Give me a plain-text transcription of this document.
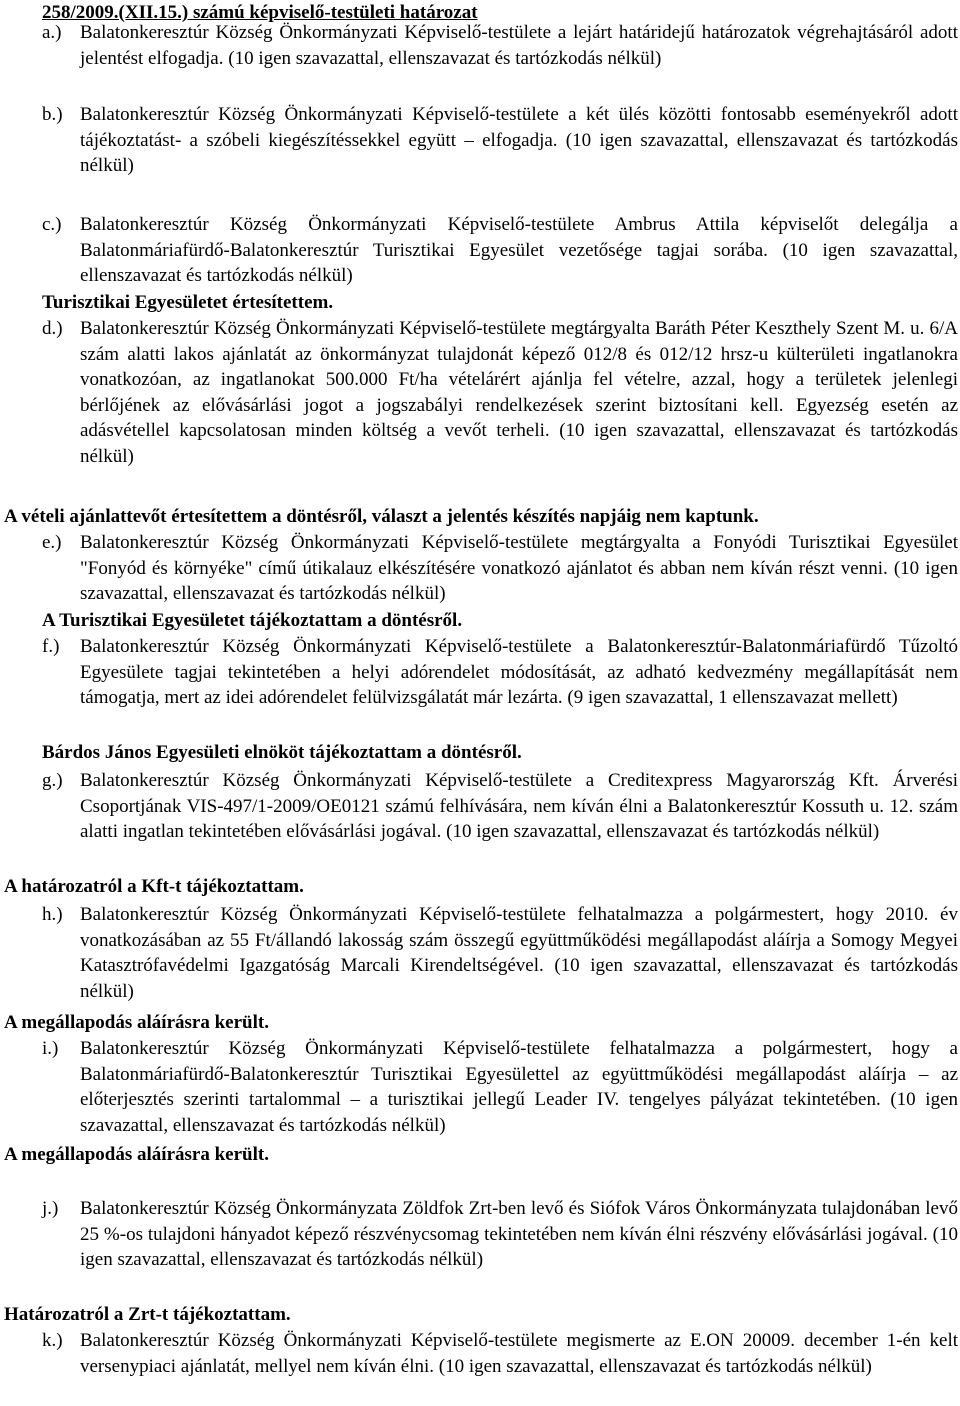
258/2009.(XII.15.) számú képviselő-testületi határozat
a.) Balatonkeresztúr Község Önkormányzati Képviselő-testülete a lejárt határidejű határozatok végrehajtásáról adott jelentést elfogadja. (10 igen szavazattal, ellenszavazat és tartózkodás nélkül)
b.) Balatonkeresztúr Község Önkormányzati Képviselő-testülete a két ülés közötti fontosabb eseményekről adott tájékoztatást- a szóbeli kiegészítéssekkel együtt – elfogadja. (10 igen szavazattal, ellenszavazat és tartózkodás nélkül)
c.) Balatonkeresztúr Község Önkormányzati Képviselő-testülete Ambrus Attila képviselőt delegálja a Balatonmáriafürdő-Balatonkeresztúr Turisztikai Egyesület vezetősége tagjai sorába. (10 igen szavazattal, ellenszavazat és tartózkodás nélkül)
Turisztikai Egyesületet értesítettem.
d.) Balatonkeresztúr Község Önkormányzati Képviselő-testülete megtárgyalta Baráth Péter Keszthely Szent M. u. 6/A szám alatti lakos ajánlatát az önkormányzat tulajdonát képező 012/8 és 012/12 hrsz-u külterületi ingatlanokra vonatkozóan, az ingatlanokat 500.000 Ft/ha vételárért ajánlja fel vételre, azzal, hogy a területek jelenlegi bérlőjének az elővásárlási jogot a jogszabályi rendelkezések szerint biztosítani kell. Egyezség esetén az adásvétellel kapcsolatosan minden költség a vevőt terheli. (10 igen szavazattal, ellenszavazat és tartózkodás nélkül)
A vételi ajánlattevőt értesítettem a döntésről, választ a jelentés készítés napjáig nem kaptunk.
e.) Balatonkeresztúr Község Önkormányzati Képviselő-testülete megtárgyalta a Fonyódi Turisztikai Egyesület "Fonyód és környéke" című útikalauz elkészítésére vonatkozó ajánlatot és abban nem kíván részt venni. (10 igen szavazattal, ellenszavazat és tartózkodás nélkül)
A Turisztikai Egyesületet tájékoztattam a döntésről.
f.) Balatonkeresztúr Község Önkormányzati Képviselő-testülete a Balatonkeresztúr-Balatonmáriafürdő Tűzoltó Egyesülete tagjai tekintetében a helyi adórendelet módosítását, az adható kedvezmény megállapítását nem támogatja, mert az idei adórendelet felülvizsgálatát már lezárta. (9 igen szavazattal, 1 ellenszavazat mellett)
Bárdos János Egyesületi elnököt tájékoztattam a döntésről.
g.) Balatonkeresztúr Község Önkormányzati Képviselő-testülete a Creditexpress Magyarország Kft. Árverési Csoportjának VIS-497/1-2009/OE0121 számú felhívására, nem kíván élni a Balatonkeresztúr Kossuth u. 12. szám alatti ingatlan tekintetében elővásárlási jogával. (10 igen szavazattal, ellenszavazat és tartózkodás nélkül)
A határozatról a Kft-t tájékoztattam.
h.) Balatonkeresztúr Község Önkormányzati Képviselő-testülete felhatalmazza a polgármestert, hogy 2010. év vonatkozásában az 55 Ft/állandó lakosság szám összegű együttműködési megállapodást aláírja a Somogy Megyei Katasztrófavédelmi Igazgatóság Marcali Kirendeltségével. (10 igen szavazattal, ellenszavazat és tartózkodás nélkül)
A megállapodás aláírásra került.
i.) Balatonkeresztúr Község Önkormányzati Képviselő-testülete felhatalmazza a polgármestert, hogy a Balatonmáriafürdő-Balatonkeresztúr Turisztikai Egyesülettel az együttműködési megállapodást aláírja – az előterjesztés szerinti tartalommal – a turisztikai jellegű Leader IV. tengelyes pályázat tekintetében. (10 igen szavazattal, ellenszavazat és tartózkodás nélkül)
A megállapodás aláírásra került.
j.) Balatonkeresztúr Község Önkormányzata Zöldfok Zrt-ben levő és Siófok Város Önkormányzata tulajdonában levő 25 %-os tulajdoni hányadot képező részvénycsomag tekintetében nem kíván élni részvény elővásárlási jogával. (10 igen szavazattal, ellenszavazat és tartózkodás nélkül)
Határozatról a Zrt-t tájékoztattam.
k.) Balatonkeresztúr Község Önkormányzati Képviselő-testülete megismerte az E.ON 20009. december 1-én kelt versenypiaci ajánlatát, mellyel nem kíván élni. (10 igen szavazattal, ellenszavazat és tartózkodás nélkül)
